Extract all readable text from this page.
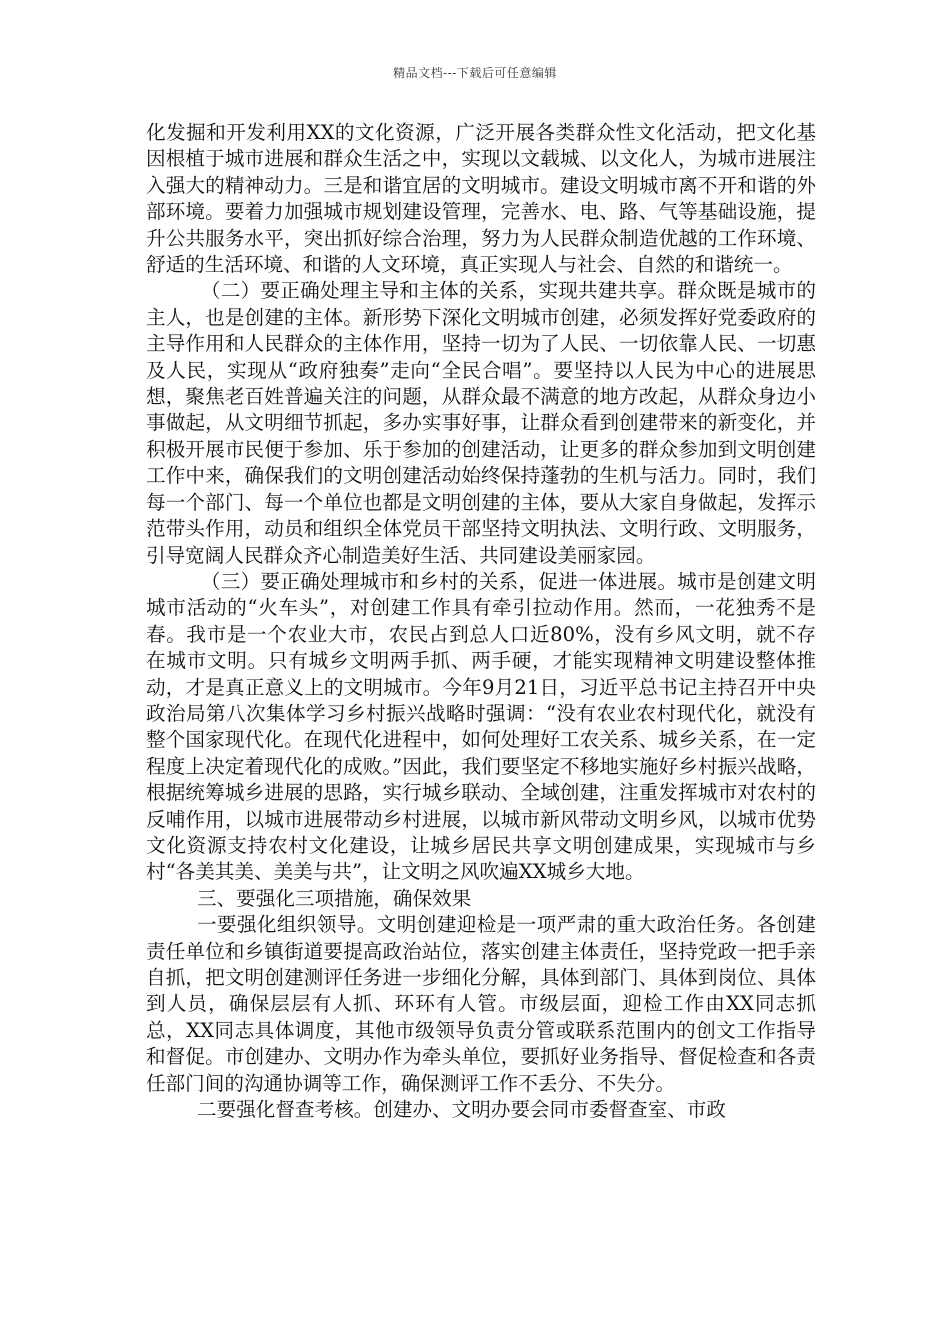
精品文档---下载后可任意编辑

化发掘和开发利用XX的文化资源，广泛开展各类群众性文化活动，把文化基因根植于城市进展和群众生活之中，实现以文载城、以文化人，为城市进展注入强大的精神动力。三是和谐宜居的文明城市。建设文明城市离不开和谐的外部环境。要着力加强城市规划建设管理，完善水、电、路、气等基础设施，提升公共服务水平，突出抓好综合治理，努力为人民群众制造优越的工作环境、舒适的生活环境、和谐的人文环境，真正实现人与社会、自然的和谐统一。

（二）要正确处理主导和主体的关系，实现共建共享。群众既是城市的主人，也是创建的主体。新形势下深化文明城市创建，必须发挥好党委政府的主导作用和人民群众的主体作用，坚持一切为了人民、一切依靠人民、一切惠及人民，实现从“政府独奏”走向“全民合唱”。要坚持以人民为中心的进展思想，聚焦老百姓普遍关注的问题，从群众最不满意的地方改起，从群众身边小事做起，从文明细节抓起，多办实事好事，让群众看到创建带来的新变化，并积极开展市民便于参加、乐于参加的创建活动，让更多的群众参加到文明创建工作中来，确保我们的文明创建活动始终保持蓬勃的生机与活力。同时，我们每一个部门、每一个单位也都是文明创建的主体，要从大家自身做起，发挥示范带头作用，动员和组织全体党员干部坚持文明执法、文明行政、文明服务，引导宽阔人民群众齐心制造美好生活、共同建设美丽家园。

（三）要正确处理城市和乡村的关系，促进一体进展。城市是创建文明城市活动的“火车头”，对创建工作具有牵引拉动作用。然而，一花独秀不是春。我市是一个农业大市，农民占到总人口近80%，没有乡风文明，就不存在城市文明。只有城乡文明两手抓、两手硬，才能实现精神文明建设整体推动，才是真正意义上的文明城市。今年9月21日，习近平总书记主持召开中央政治局第八次集体学习乡村振兴战略时强调：“没有农业农村现代化，就没有整个国家现代化。在现代化进程中，如何处理好工农关系、城乡关系，在一定程度上决定着现代化的成败。”因此，我们要坚定不移地实施好乡村振兴战略，根据统筹城乡进展的思路，实行城乡联动、全域创建，注重发挥城市对农村的反哺作用，以城市进展带动乡村进展，以城市新风带动文明乡风，以城市优势文化资源支持农村文化建设，让城乡居民共享文明创建成果，实现城市与乡村“各美其美、美美与共”，让文明之风吹遍XX城乡大地。

三、要强化三项措施，确保效果

一要强化组织领导。文明创建迎检是一项严肃的重大政治任务。各创建责任单位和乡镇街道要提高政治站位，落实创建主体责任，坚持党政一把手亲自抓，把文明创建测评任务进一步细化分解，具体到部门、具体到岗位、具体到人员，确保层层有人抓、环环有人管。市级层面，迎检工作由XX同志抓总，XX同志具体调度，其他市级领导负责分管或联系范围内的创文工作指导和督促。市创建办、文明办作为牵头单位，要抓好业务指导、督促检查和各责任部门间的沟通协调等工作，确保测评工作不丢分、不失分。

二要强化督查考核。创建办、文明办要会同市委督查室、市政
